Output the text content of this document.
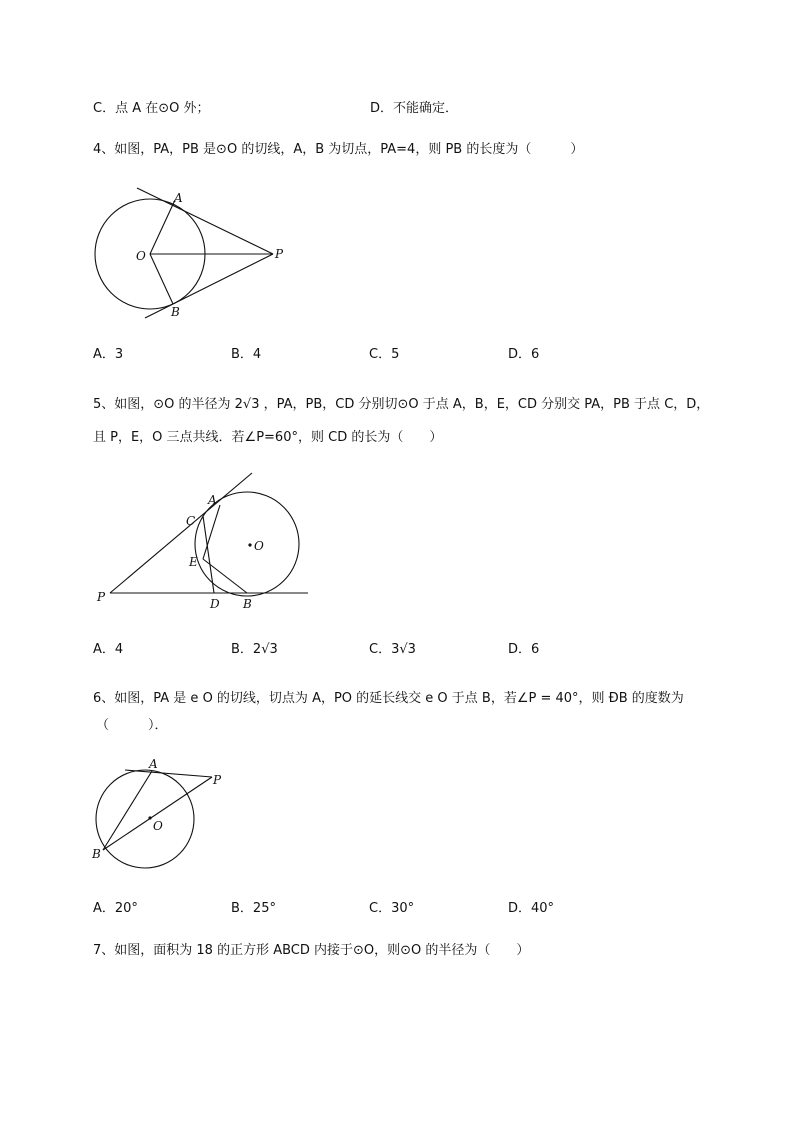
C．点 A 在⊙O 外；	D．不能确定．
4、如图，PA，PB 是⊙O 的切线，A，B 为切点，PA=4，则 PB 的长度为（　　　）
A
B
O	P
A．3	B．4	C．5	D．6
5、如图，⊙O 的半径为 2√3 ，PA，PB，CD 分别切⊙O 于点 A，B，E，CD 分别交 PA，PB 于点 C，D，
且 P，E，O 三点共线．若∠P=60°，则 CD 的长为（　　）
A
C
E
O
P	D B
A．4	B．2√3	C．3√3	D．6
6、如图，PA 是 e O 的切线，切点为 A，PO 的延长线交 e O 于点 B，若∠P = 40°，则 ÐB 的度数为
（　　　）．
A
P
O
B
A．20°	B．25°	C．30°	D．40°
7、如图，面积为 18 的正方形 ABCD 内接于⊙O，则⊙O 的半径为（　　）
